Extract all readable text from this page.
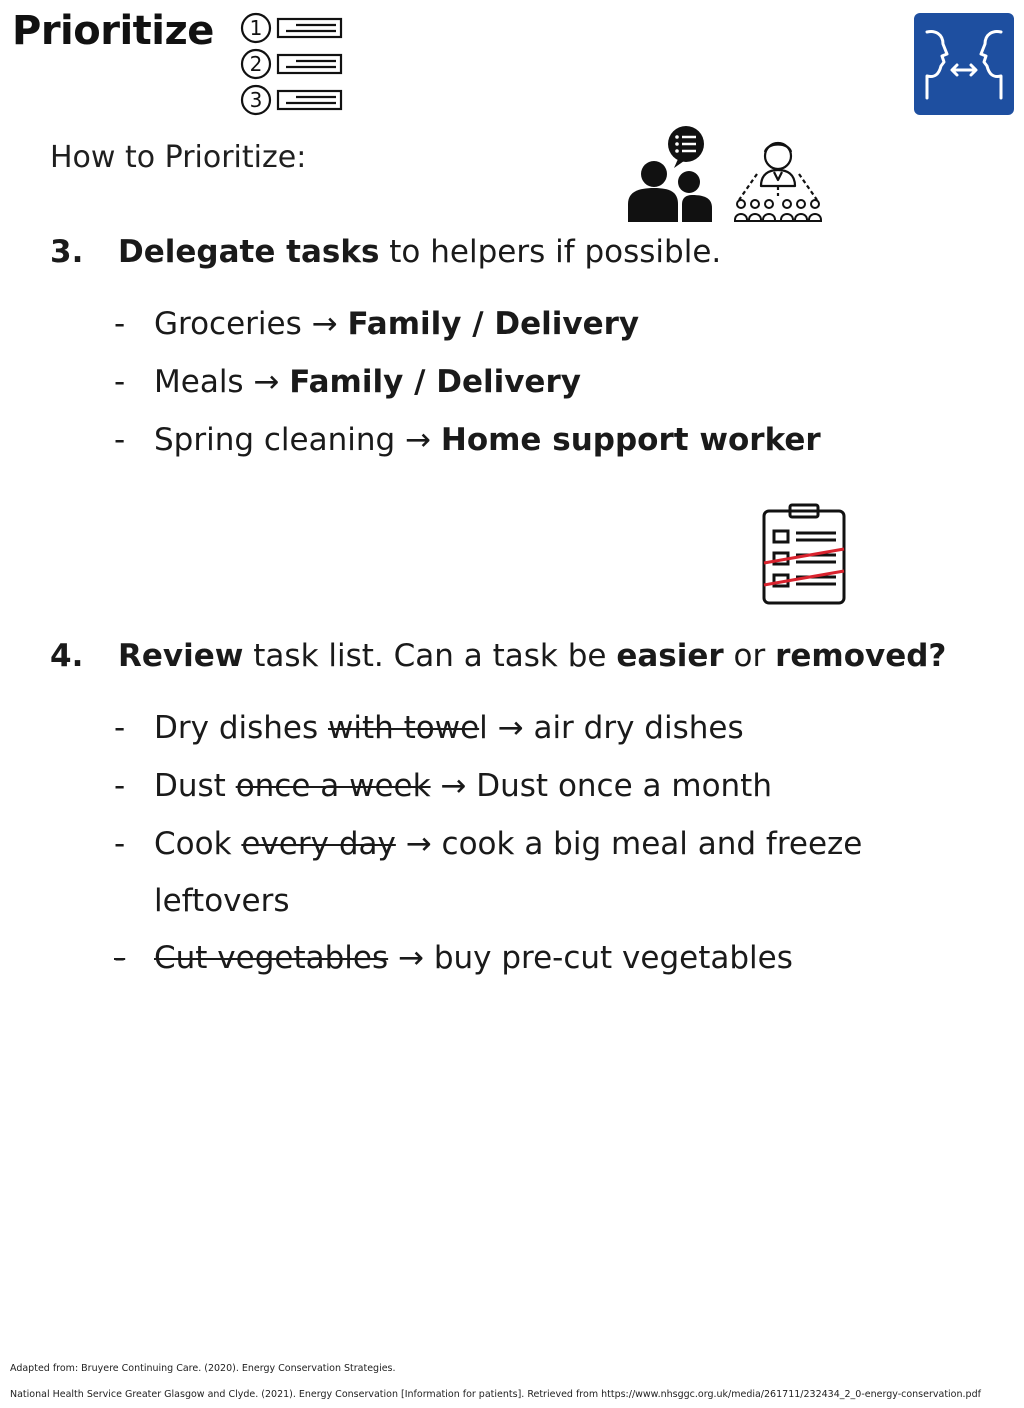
Prioritize 1
2
3
How to Prioritize:
3. Delegate tasks to helpers if possible.
- Groceries → Family / Delivery
- Meals → Family / Delivery
- Spring cleaning → Home support worker
4. Review task list. Can a task be easier or removed?
- Dry dishes with towel → air dry dishes
- Dust once a week → Dust once a month
- Cook every day → cook a big meal and freeze
leftovers
- Cut vegetables → buy pre-cut vegetables
Adapted from: Bruyere Continuing Care. (2020). Energy Conservation Strategies.
National Health Service Greater Glasgow and Clyde. (2021). Energy Conservation [Information for patients]. Retrieved from https://www.nhsggc.org.uk/media/261711/232434_2_0-energy-conservation.pdf
